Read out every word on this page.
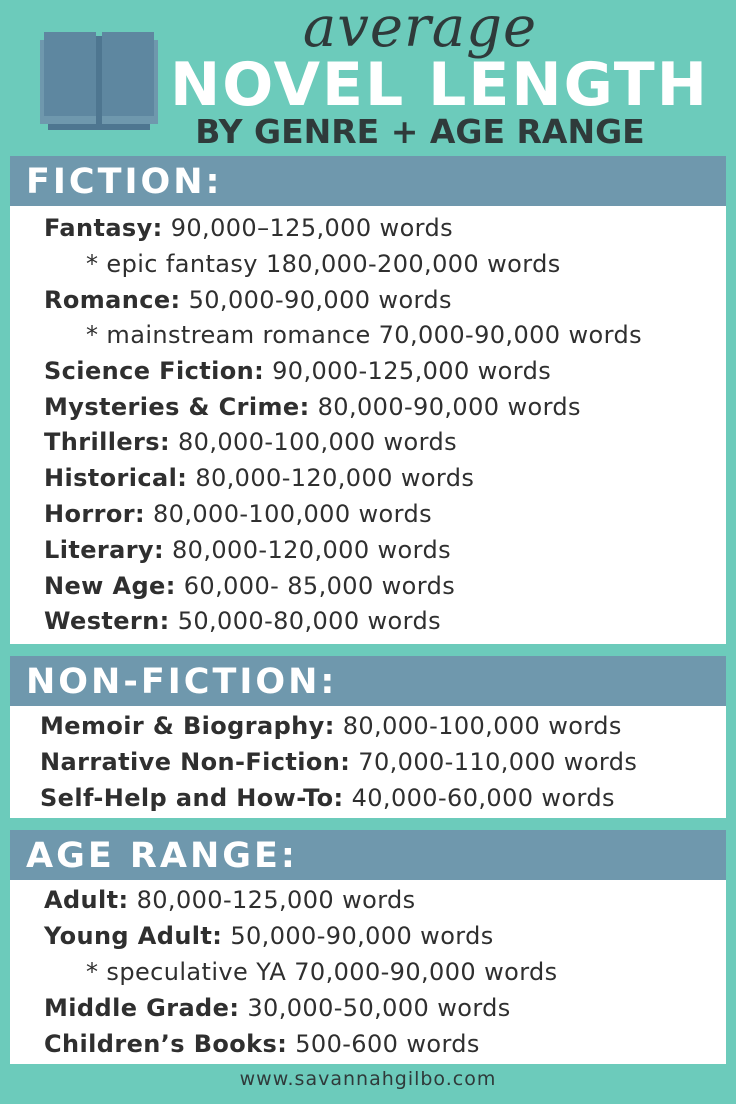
average
NOVEL LENGTH
BY GENRE + AGE RANGE
FICTION:
Fantasy: 90,000–125,000 words
* epic fantasy 180,000-200,000 words
Romance: 50,000-90,000 words
* mainstream romance 70,000-90,000 words
Science Fiction: 90,000-125,000 words
Mysteries & Crime: 80,000-90,000 words
Thrillers: 80,000-100,000 words
Historical: 80,000-120,000 words
Horror: 80,000-100,000 words
Literary: 80,000-120,000 words
New Age: 60,000- 85,000 words
Western: 50,000-80,000 words
NON-FICTION:
Memoir & Biography: 80,000-100,000 words
Narrative Non-Fiction: 70,000-110,000 words
Self-Help and How-To: 40,000-60,000 words
AGE RANGE:
Adult: 80,000-125,000 words
Young Adult: 50,000-90,000 words
* speculative YA 70,000-90,000 words
Middle Grade: 30,000-50,000 words
Children’s Books: 500-600 words
www.savannahgilbo.com
